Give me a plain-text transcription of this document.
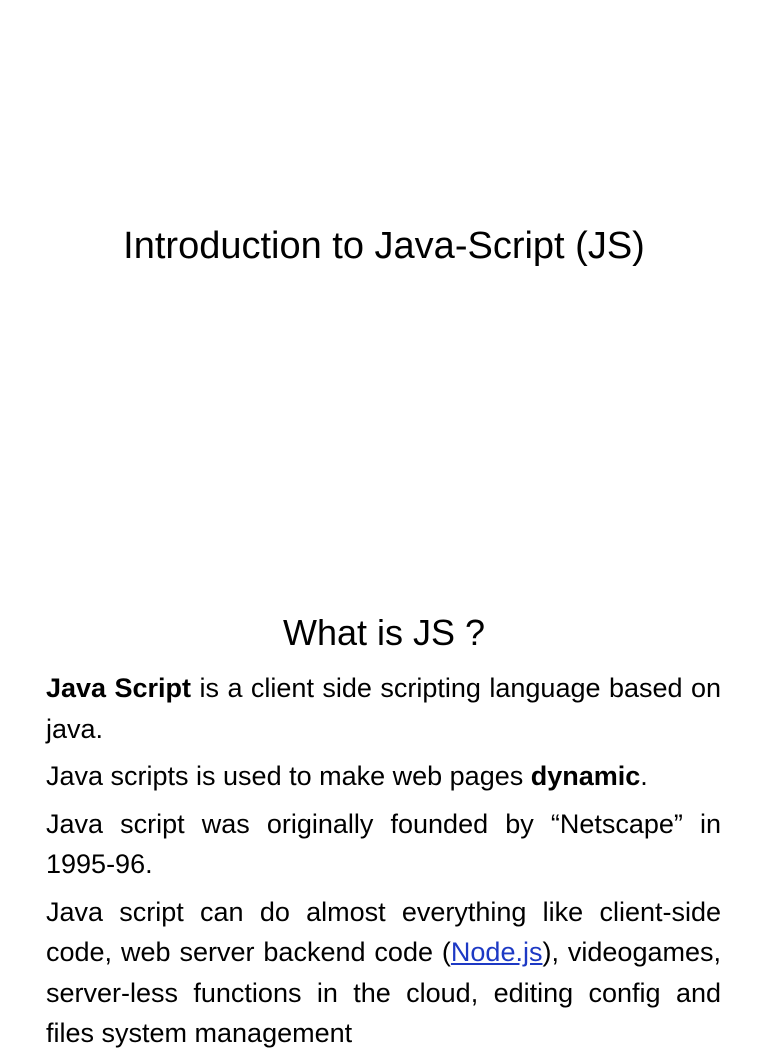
Introduction to Java-Script (JS)
What is JS ?

Java Script is a client side scripting language based on java.

Java scripts is used to make web pages dynamic.

Java script was originally founded by “Netscape” in 1995-96.

Java script can do almost everything like client-side code, web server backend code (Node.js), videogames, server-less functions in the cloud, editing config and files system management
